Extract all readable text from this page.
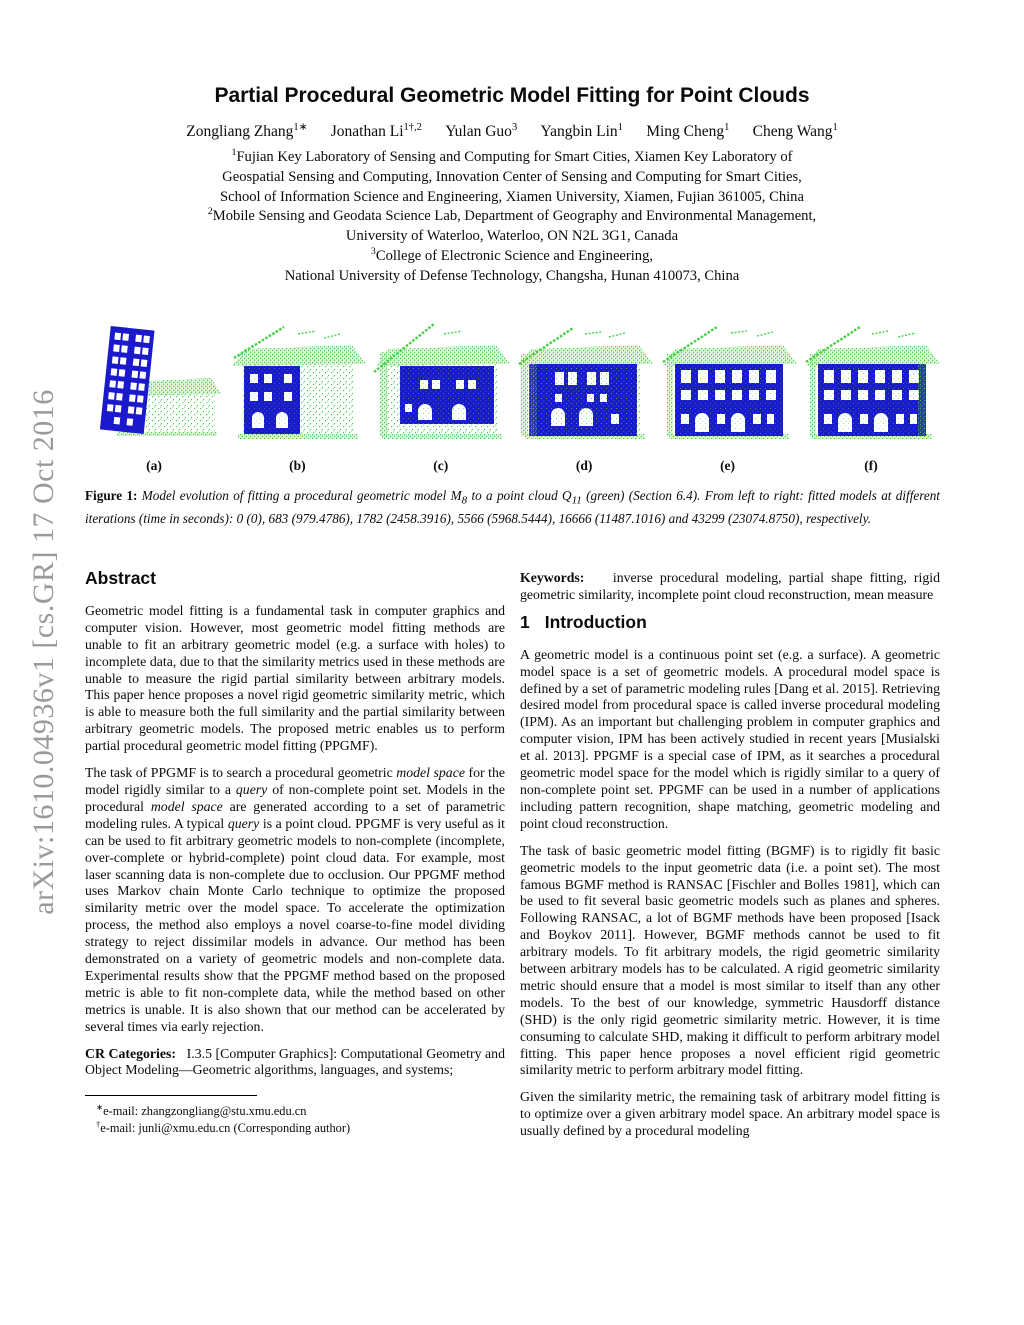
arXiv:1610.04936v1 [cs.GR] 17 Oct 2016
Partial Procedural Geometric Model Fitting for Point Clouds
Zongliang Zhang$^{1∗}$  Jonathan $Li^{1\dagger,2}$  Yulan Guo$^3$  Yangbin Lin$^1$  Ming Cheng$^1$  Cheng Wang$^1$
$^1$Fujian Key Laboratory of Sensing and Computing for Smart Cities, Xiamen Key Laboratory of
Geospatial Sensing and Computing, Innovation Center of Sensing and Computing for Smart Cities,
School of Information Science and Engineering, Xiamen University, Xiamen, Fujian 361005, China
$^2$Mobile Sensing and Geodata Science Lab, Department of Geography and Environmental Management,
University of Waterloo, Waterloo, ON N2L 3G1, Canada
$^3$College of Electronic Science and Engineering,
National University of Defense Technology, Changsha, Hunan 410073, China
(a)	(b)	(c)	(d)	(e)	(f)
Figure 1: Model evolution of fitting a procedural geometric model $M_8$ to a point cloud $Q_{11}$ (green) (Section 6.4). From left to right: fitted models at different iterations (time in seconds): 0 (0), 683 (979.4786), 1782 (2458.3916), 5566 (5968.5444), 16666 (11487.1016) and 43299 (23074.8750), respectively.
Abstract

Geometric model fitting is a fundamental task in computer graphics and computer vision. However, most geometric model fitting methods are unable to fit an arbitrary geometric model (e.g. a surface with holes) to incomplete data, due to that the similarity metrics used in these methods are unable to measure the rigid partial similarity between arbitrary models. This paper hence proposes a novel rigid geometric similarity metric, which is able to measure both the full similarity and the partial similarity between arbitrary geometric models. The proposed metric enables us to perform partial procedural geometric model fitting (PPGMF).

The task of PPGMF is to search a procedural geometric model space for the model rigidly similar to a query of non-complete point set. Models in the procedural model space are generated according to a set of parametric modeling rules. A typical query is a point cloud. PPGMF is very useful as it can be used to fit arbitrary geometric models to non-complete (incomplete, over-complete or hybrid-complete) point cloud data. For example, most laser scanning data is non-complete due to occlusion. Our PPGMF method uses Markov chain Monte Carlo technique to optimize the proposed similarity metric over the model space. To accelerate the optimization process, the method also employs a novel coarse-to-fine model dividing strategy to reject dissimilar models in advance. Our method has been demonstrated on a variety of geometric models and non-complete data. Experimental results show that the PPGMF method based on the proposed metric is able to fit non-complete data, while the method based on other metrics is unable. It is also shown that our method can be accelerated by several times via early rejection.

CR Categories:   I.3.5 [Computer Graphics]: Computational Geometry and Object Modeling—Geometric algorithms, languages, and systems;

∗e-mail: zhangzongliang@stu.xmu.edu.cn
†e-mail: junli@xmu.edu.cn (Corresponding author)

Keywords:    inverse procedural modeling, partial shape fitting, rigid geometric similarity, incomplete point cloud reconstruction, mean measure

1 Introduction

A geometric model is a continuous point set (e.g. a surface). A geometric model space is a set of geometric models. A procedural model space is defined by a set of parametric modeling rules [Dang et al. 2015]. Retrieving desired model from procedural space is called inverse procedural modeling (IPM). As an important but challenging problem in computer graphics and computer vision, IPM has been actively studied in recent years [Musialski et al. 2013]. PPGMF is a special case of IPM, as it searches a procedural geometric model space for the model which is rigidly similar to a query of non-complete point set. PPGMF can be used in a number of applications including pattern recognition, shape matching, geometric modeling and point cloud reconstruction.

The task of basic geometric model fitting (BGMF) is to rigidly fit basic geometric models to the input geometric data (i.e. a point set). The most famous BGMF method is RANSAC [Fischler and Bolles 1981], which can be used to fit several basic geometric models such as planes and spheres. Following RANSAC, a lot of BGMF methods have been proposed [Isack and Boykov 2011]. However, BGMF methods cannot be used to fit arbitrary models. To fit arbitrary models, the rigid geometric similarity between arbitrary models has to be calculated. A rigid geometric similarity metric should ensure that a model is most similar to itself than any other models. To the best of our knowledge, symmetric Hausdorff distance (SHD) is the only rigid geometric similarity metric. However, it is time consuming to calculate SHD, making it difficult to perform arbitrary model fitting. This paper hence proposes a novel efficient rigid geometric similarity metric to perform arbitrary model fitting.

Given the similarity metric, the remaining task of arbitrary model fitting is to optimize over a given arbitrary model space. An arbitrary model space is usually defined by a procedural modeling
